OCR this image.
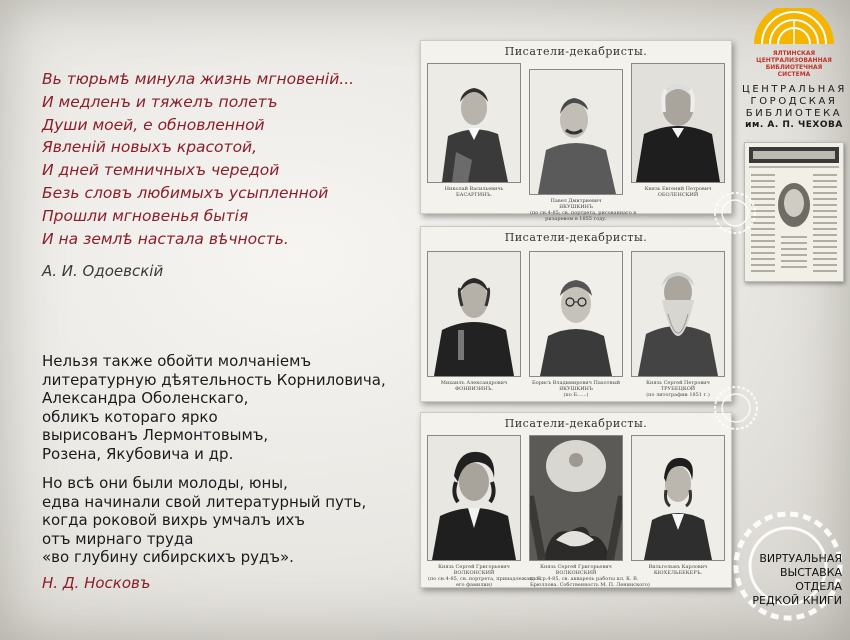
Вь тюрьмѣ минула жизнь мгновеній...
И медленъ и тяжелъ полетъ
Души моей, е обновленной
Явленій новыхъ красотой,
И дней темничныхъ чередой
Безь словъ любимыхъ усыпленной
Прошли мгновенья бытія
И на землѣ настала вѣчность.
А. И. Одоевскій
Нельзя также обойти молчаніемъ
литературную дѣятельность Корниловича,
Александра Оболенскаго,
обликъ котораго ярко
вырисованъ Лермонтовымъ,
Розена, Якубовича и др.
Но всѣ они были молоды, юны,
едва начинали свой литературный путь,
когда роковой вихрь умчалъ ихъ
отъ мирнаго труда
«во глубину сибирскихъ рудъ».
Н. Д. Носковъ
Писатели-декабристы.
Николай Васильевичь
БАСАРГИНЪ.
Павел Дмитриевич
ЯКУШКИНЪ
(по сн.4-85; св. портрета, рисованнаго в
ризаревом в 1855 году.
Князь Евгений Петрович
ОБОЛЕНСКИЙ
Писатели-декабристы.
Михаилъ Александрович
ФОНВИЗИНЪ.
Борисъ Владимирович Пахотный
ЯКУШКИНЪ
(по Б......)
Князь Сергей Петрович
ТРУБЕЦКОЙ
(по литографии 1851 г.)
Писатели-декабристы.
Князь Сергей Григорьевич
ВОЛКОНСКИЙ
(по сн.4-85, св. портрета, принадлежащ. К.
его фамилии)
Князь Сергей Григорьевич
ВОЛКОНСКИЙ
(по гр.4-85, св. акварель работы кл. К. В.
Брюллова. Собственность М. П. Ленинского)
Вильгельмъ Карлович
КЮХЕЛЬБЕКЕРЪ.
ЯЛТИНСКАЯ ЦЕНТРАЛИЗОВАННАЯ
БИБЛИОТЕЧНАЯ
СИСТЕМА
ЦЕНТРАЛЬНАЯ
ГОРОДСКАЯ
БИБЛИОТЕКА
им. А. П. ЧЕХОВА
ВИРТУАЛЬНАЯ
ВЫСТАВКА
ОТДЕЛА
РЕДКОЙ КНИГИ
